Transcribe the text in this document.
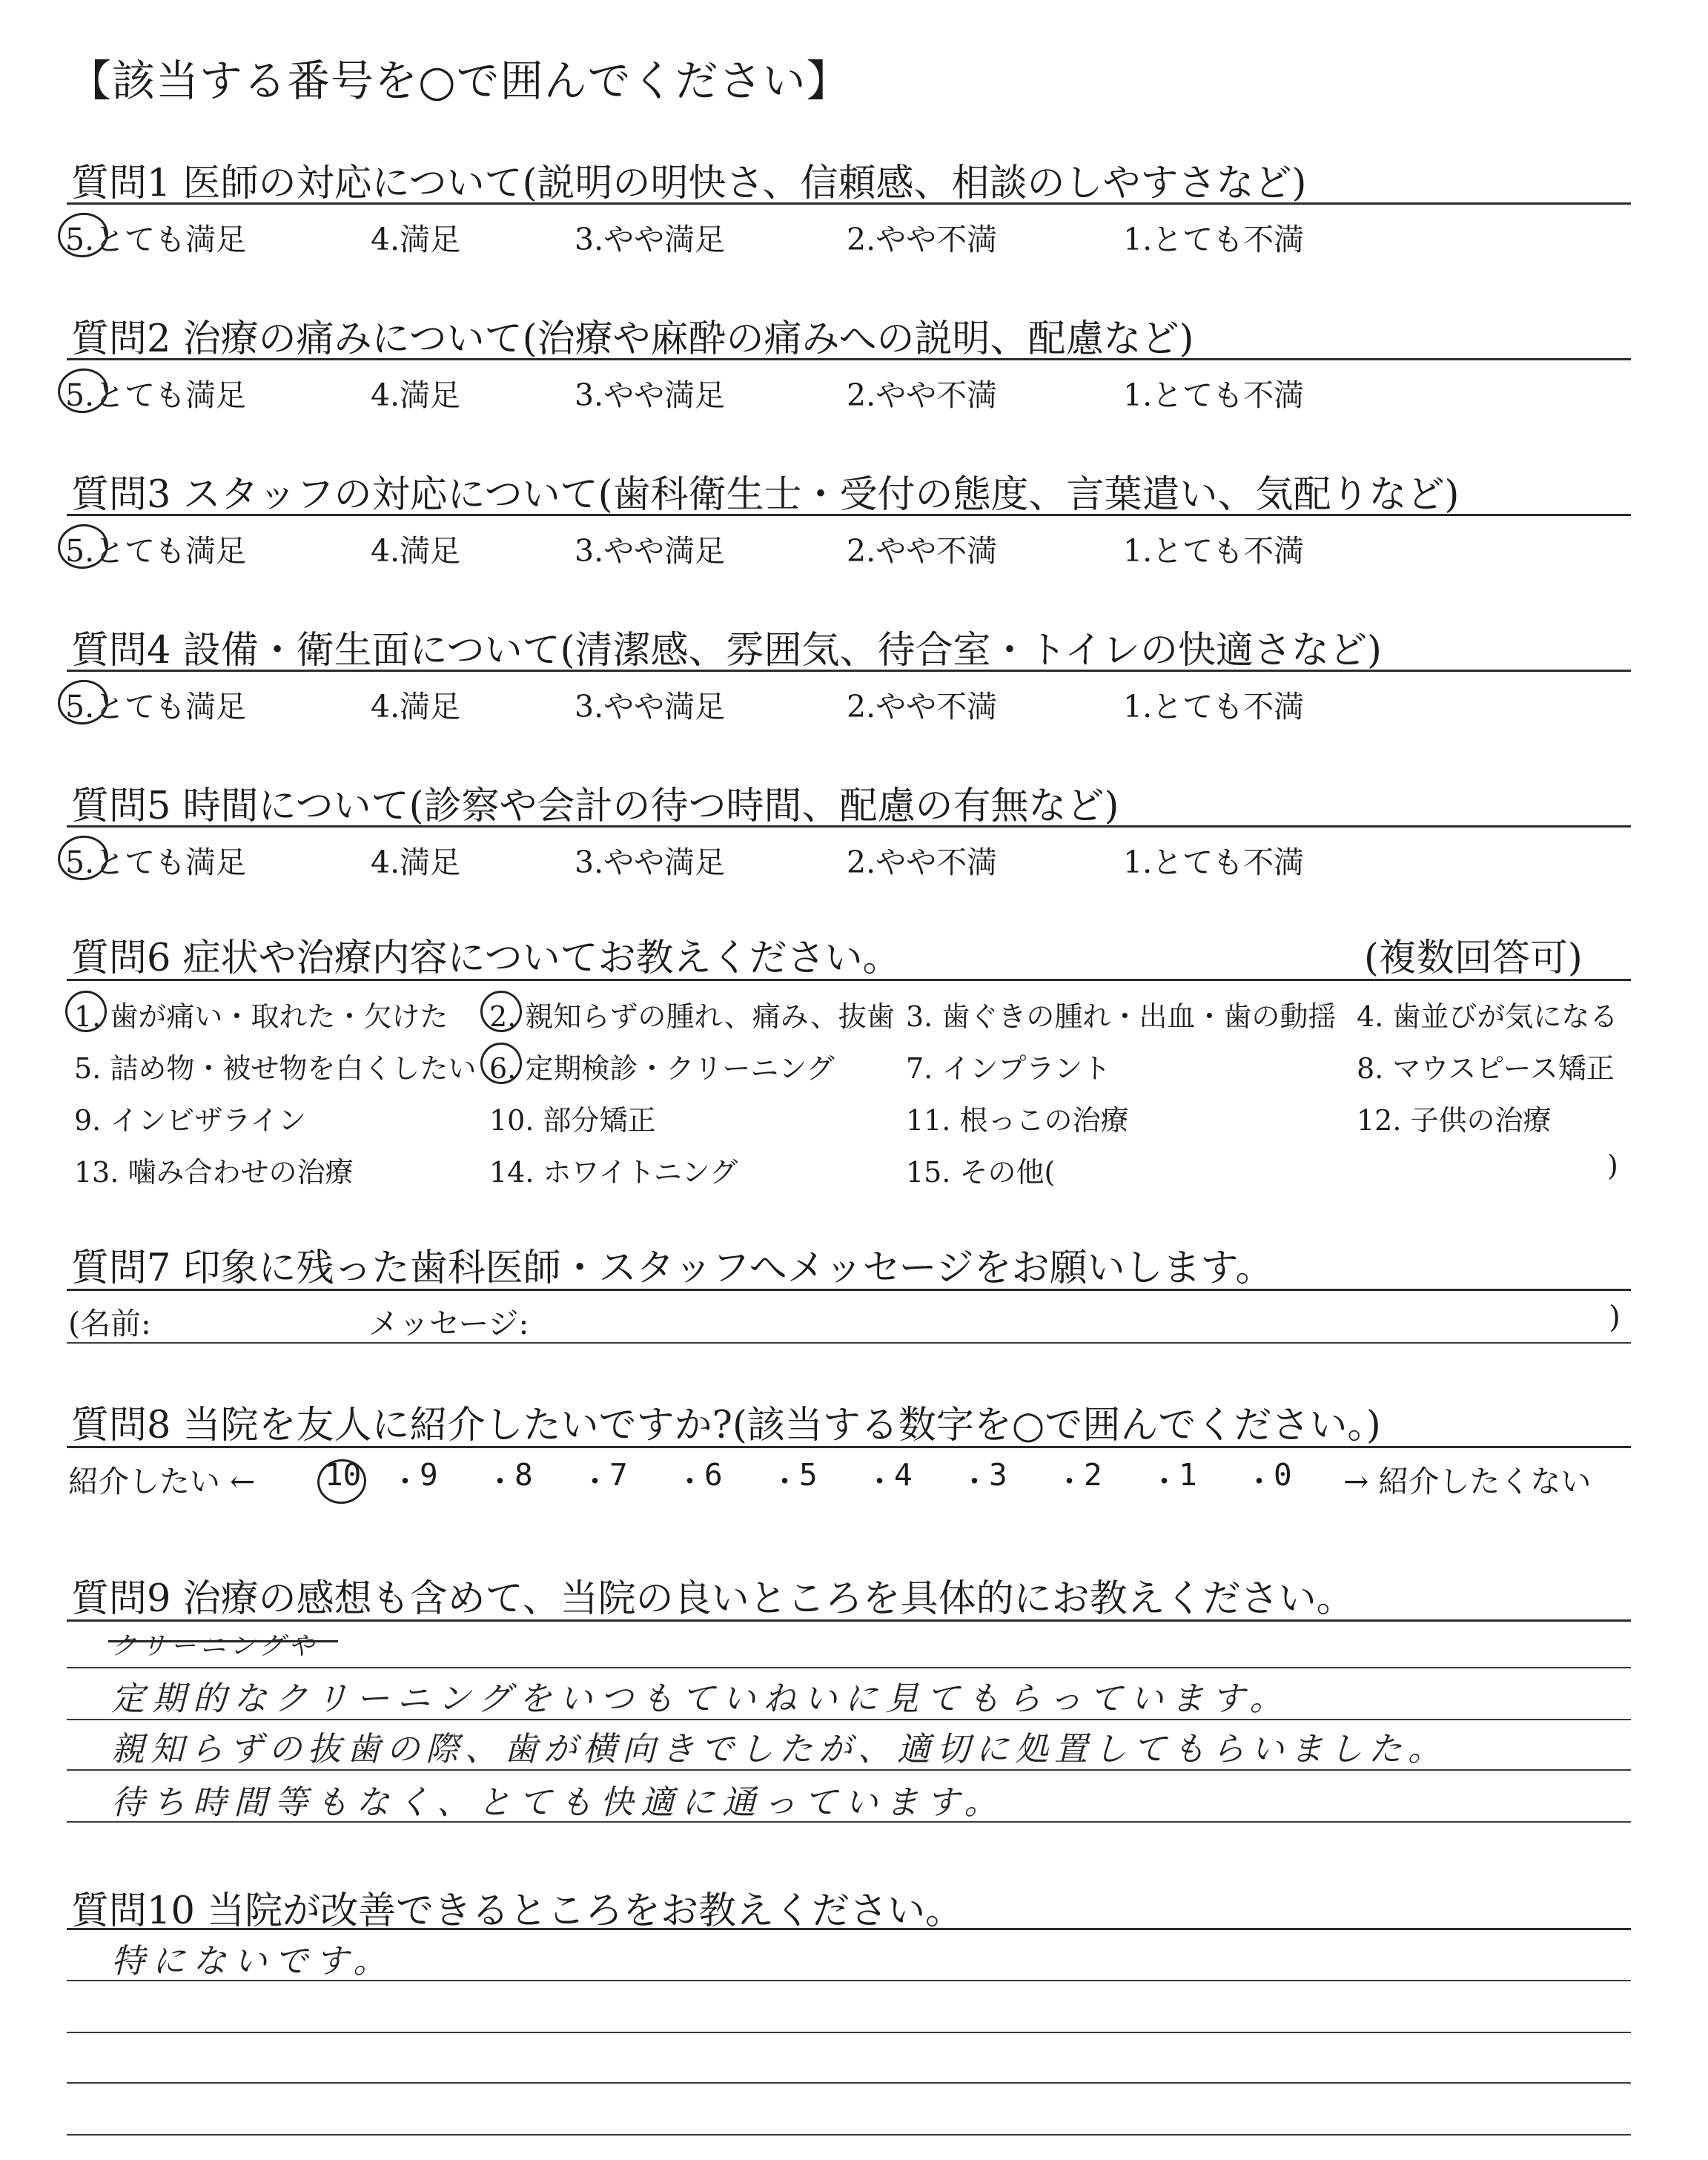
【該当する番号を○で囲んでください】
質問1 医師の対応について(説明の明快さ、信頼感、相談のしやすさなど)
5.とても満足	4.満足	3.やや満足	2.やや不満	1.とても不満
質問2 治療の痛みについて(治療や麻酔の痛みへの説明、配慮など)
5.とても満足	4.満足	3.やや満足	2.やや不満	1.とても不満
質問3 スタッフの対応について(歯科衛生士・受付の態度、言葉遣い、気配りなど)
5.とても満足	4.満足	3.やや満足	2.やや不満	1.とても不満
質問4 設備・衛生面について(清潔感、雰囲気、待合室・トイレの快適さなど)
5.とても満足	4.満足	3.やや満足	2.やや不満	1.とても不満
質問5 時間について(診察や会計の待つ時間、配慮の有無など)
5.とても満足	4.満足	3.やや満足	2.やや不満	1.とても不満
質問6 症状や治療内容についてお教えください。	(複数回答可)
1. 歯が痛い・取れた・欠けた 2. 親知らずの腫れ、痛み、抜歯 3. 歯ぐきの腫れ・出血・歯の動揺 4. 歯並びが気になる
5. 詰め物・被せ物を白くしたい 6. 定期検診・クリーニング	7. インプラント	8. マウスピース矯正
9. インビザライン	10. 部分矯正	11. 根っこの治療	12. 子供の治療
13. 噛み合わせの治療	14. ホワイトニング	15. その他(	)
質問7 印象に残った歯科医師・スタッフへメッセージをお願いします。
(名前:	メッセージ:	)
質問8 当院を友人に紹介したいですか?(該当する数字を○で囲んでください。)
紹介したい ← 10 ・ 9 ・ 8 ・ 7 ・ 6 ・ 5 ・ 4 ・ 3 ・ 2 ・ 1 ・ 0 → 紹介したくない
質問9 治療の感想も含めて、当院の良いところを具体的にお教えください。
クリーニングや
定期的なクリーニングをいつもていねいに見てもらっています。
親知らずの抜歯の際、歯が横向きでしたが、適切に処置してもらいました。
待ち時間等もなく、とても快適に通っています。
質問10 当院が改善できるところをお教えください。
特にないです。
